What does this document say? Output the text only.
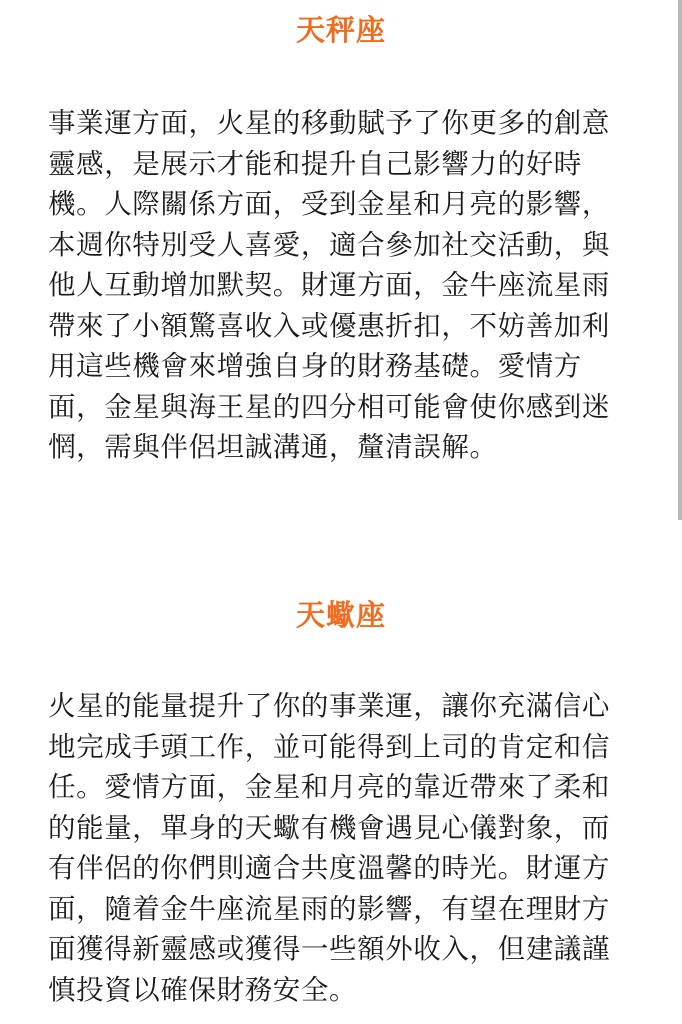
天秤座

事業運方面，火星的移動賦予了你更多的創意靈感，是展示才能和提升自己影響力的好時機。人際關係方面，受到金星和月亮的影響，本週你特別受人喜愛，適合參加社交活動，與他人互動增加默契。財運方面，金牛座流星雨帶來了小額驚喜收入或優惠折扣，不妨善加利用這些機會來增強自身的財務基礎。愛情方面，金星與海王星的四分相可能會使你感到迷惘，需與伴侶坦誠溝通，釐清誤解。

天蠍座

火星的能量提升了你的事業運，讓你充滿信心地完成手頭工作，並可能得到上司的肯定和信任。愛情方面，金星和月亮的靠近帶來了柔和的能量，單身的天蠍有機會遇見心儀對象，而有伴侶的你們則適合共度溫馨的時光。財運方面，隨着金牛座流星雨的影響，有望在理財方面獲得新靈感或獲得一些額外收入，但建議謹慎投資以確保財務安全。
